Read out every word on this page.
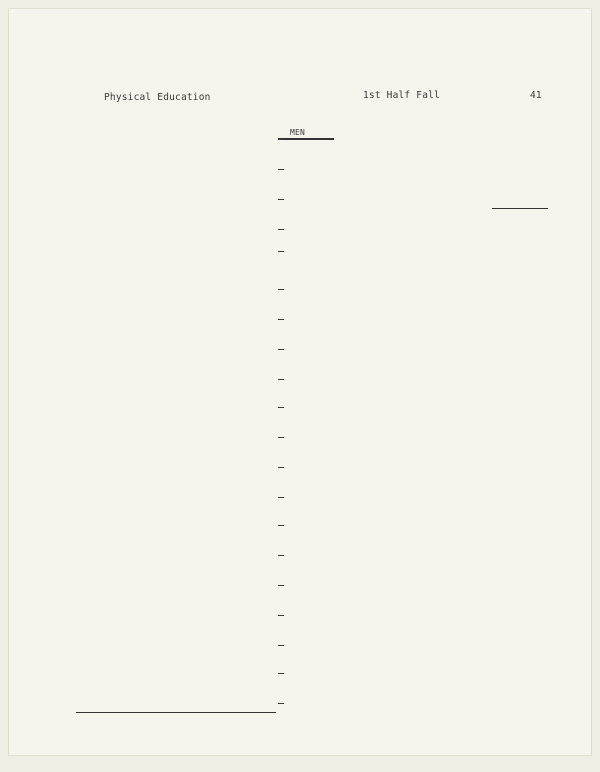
Physical Education	1st Half Fall	41
MEN
